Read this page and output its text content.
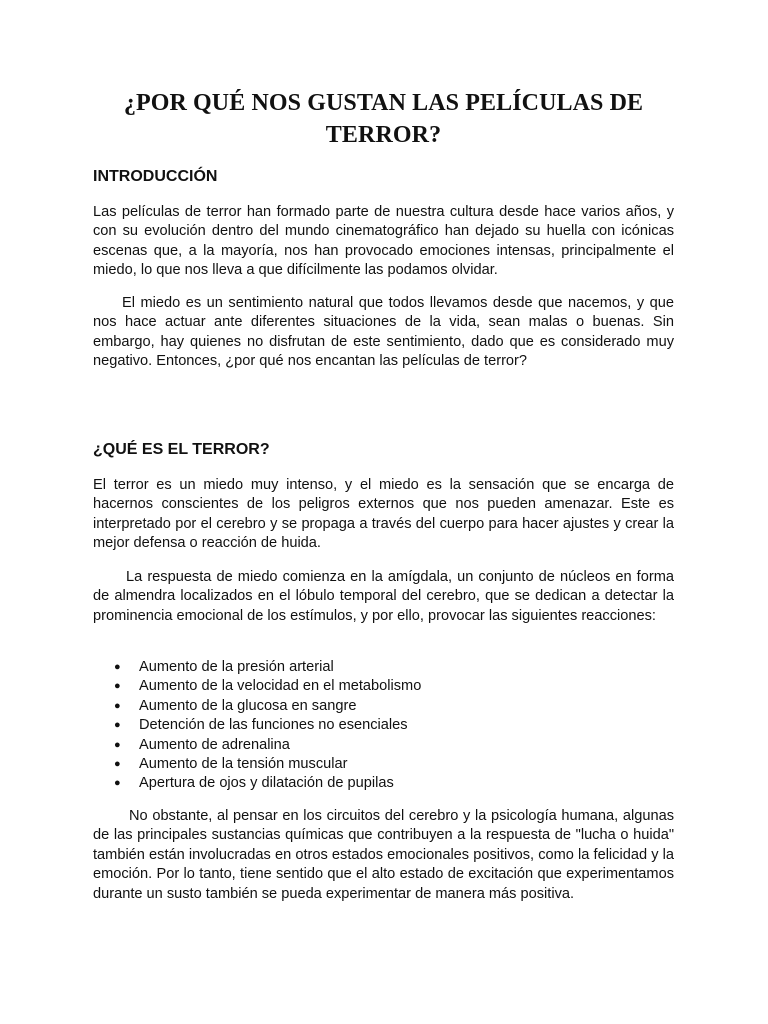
¿POR QUÉ NOS GUSTAN LAS PELÍCULAS DE TERROR?
INTRODUCCIÓN

Las películas de terror han formado parte de nuestra cultura desde hace varios años, y con su evolución dentro del mundo cinematográfico han dejado su huella con icónicas escenas que, a la mayoría, nos han provocado emociones intensas, principalmente el miedo, lo que nos lleva a que difícilmente las podamos olvidar.

El miedo es un sentimiento natural que todos llevamos desde que nacemos, y que nos hace actuar ante diferentes situaciones de la vida, sean malas o buenas. Sin embargo, hay quienes no disfrutan de este sentimiento, dado que es considerado muy negativo. Entonces, ¿por qué nos encantan las películas de terror?

¿QUÉ ES EL TERROR?

El terror es un miedo muy intenso, y el miedo es la sensación que se encarga de hacernos conscientes de los peligros externos que nos pueden amenazar. Este es interpretado por el cerebro y se propaga a través del cuerpo para hacer ajustes y crear la mejor defensa o reacción de huida.

La respuesta de miedo comienza en la amígdala, un conjunto de núcleos en forma de almendra localizados en el lóbulo temporal del cerebro, que se dedican a detectar la prominencia emocional de los estímulos, y por ello, provocar las siguientes reacciones:

● Aumento de la presión arterial
● Aumento de la velocidad en el metabolismo
● Aumento de la glucosa en sangre
● Detención de las funciones no esenciales
● Aumento de adrenalina
● Aumento de la tensión muscular
● Apertura de ojos y dilatación de pupilas

No obstante, al pensar en los circuitos del cerebro y la psicología humana, algunas de las principales sustancias químicas que contribuyen a la respuesta de "lucha o huida" también están involucradas en otros estados emocionales positivos, como la felicidad y la emoción. Por lo tanto, tiene sentido que el alto estado de excitación que experimentamos durante un susto también se pueda experimentar de manera más positiva.
